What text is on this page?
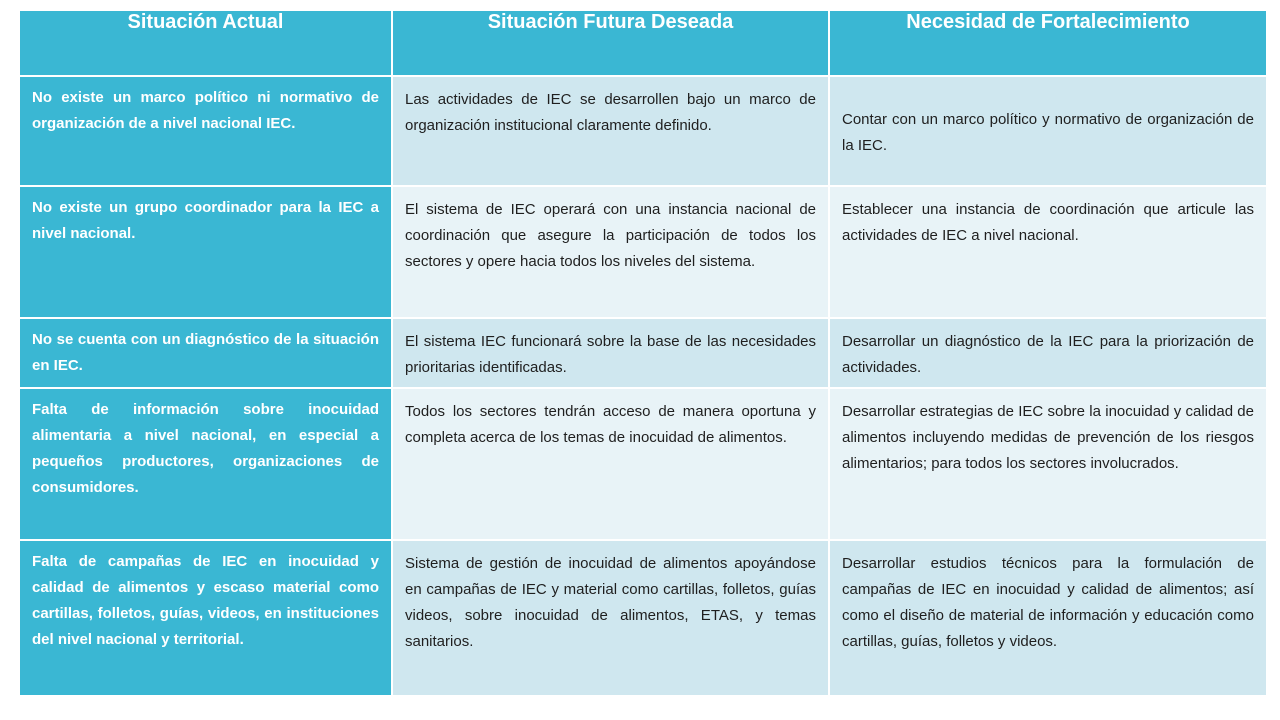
Situación Actual	Situación Futura Deseada	Necesidad de Fortalecimiento
No existe un marco político ni normativo de organización de a nivel nacional IEC.	Las actividades de IEC se desarrollen bajo un marco de organización institucional claramente definido.	Contar con un marco político y normativo de organización de la IEC.
No existe un grupo coordinador para la IEC a nivel nacional.	El sistema de IEC operará con una instancia nacional de coordinación que asegure la participación de todos los sectores y opere hacia todos los niveles del sistema.	Establecer una instancia de coordinación que articule las actividades de IEC a nivel nacional.
No se cuenta con un diagnóstico de la situación en IEC.	El sistema IEC funcionará sobre la base de las necesidades prioritarias identificadas.	Desarrollar un diagnóstico de la IEC para la priorización de actividades.
Falta de información sobre inocuidad alimentaria a nivel nacional, en especial a pequeños productores, organizaciones de consumidores.	Todos los sectores tendrán acceso de manera oportuna y completa acerca de los temas de inocuidad de alimentos.	Desarrollar estrategias de IEC sobre la inocuidad y calidad de alimentos incluyendo medidas de prevención de los riesgos alimentarios; para todos los sectores involucrados.
Falta de campañas de IEC en inocuidad y calidad de alimentos y escaso material como cartillas, folletos, guías, videos, en instituciones del nivel nacional y territorial.	Sistema de gestión de inocuidad de alimentos apoyándose en campañas de IEC y material como cartillas, folletos, guías videos, sobre inocuidad de alimentos, ETAS, y temas sanitarios.	Desarrollar estudios técnicos para la formulación de campañas de IEC en inocuidad y calidad de alimentos; así como el diseño de material de información y educación como cartillas, guías, folletos y videos.
